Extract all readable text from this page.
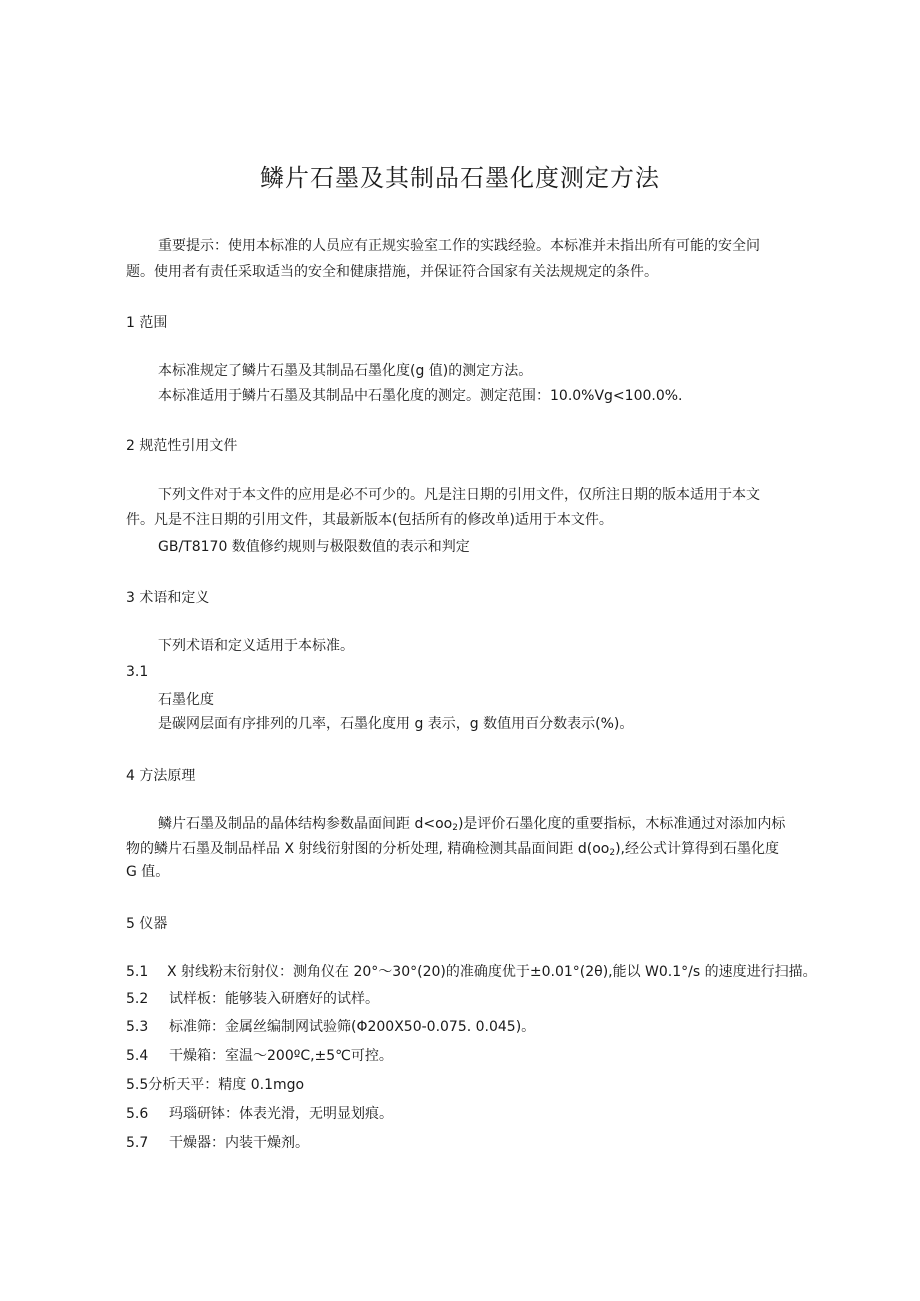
鳞片石墨及其制品石墨化度测定方法

重要提示：使用本标准的人员应有正规实验室工作的实践经验。本标准并未指出所有可能的安全问

题。使用者有责任采取适当的安全和健康措施，并保证符合国家有关法规规定的条件。

1 范围

本标准规定了鳞片石墨及其制品石墨化度(g 值)的测定方法。

本标准适用于鳞片石墨及其制品中石墨化度的测定。测定范围：10.0%Vg<100.0%.

2 规范性引用文件

下列文件对于本文件的应用是必不可少的。凡是注日期的引用文件，仅所注日期的版本适用于本文

件。凡是不注日期的引用文件，其最新版本(包括所有的修改单)适用于本文件。

GB/T8170 数值修约规则与极限数值的表示和判定

3 术语和定义

下列术语和定义适用于本标准。

3.1

石墨化度

是碳网层面有序排列的几率，石墨化度用 g 表示，g 数值用百分数表示(%)。

4 方法原理

鳞片石墨及制品的晶体结构参数晶面间距 $d<oo_2$)是评价石墨化度的重要指标，木标准通过对添加内标

物的鳞片石墨及制品样品 X 射线衍射图的分析处理, 精确检测其晶面间距 $d(oo_2)$,经公式计算得到石墨化度

G 值。

5 仪器

5.1 X 射线粉末衍射仪：测角仪在 20°～30°(20)的准确度优于±0.01°(2θ),能以 W0.1°/s 的速度进行扫描。
5.2 试样板：能够装入研磨好的试样。
5.3 标准筛：金属丝编制网试验筛(Φ200X50-0.075. 0.045)。
5.4 干燥箱：室温～200ºC,±5℃可控。
5.5分析天平：精度 0.1mgo
5.6 玛瑙研钵：体表光滑，无明显划痕。
5.7 干燥器：内装干燥剂。
